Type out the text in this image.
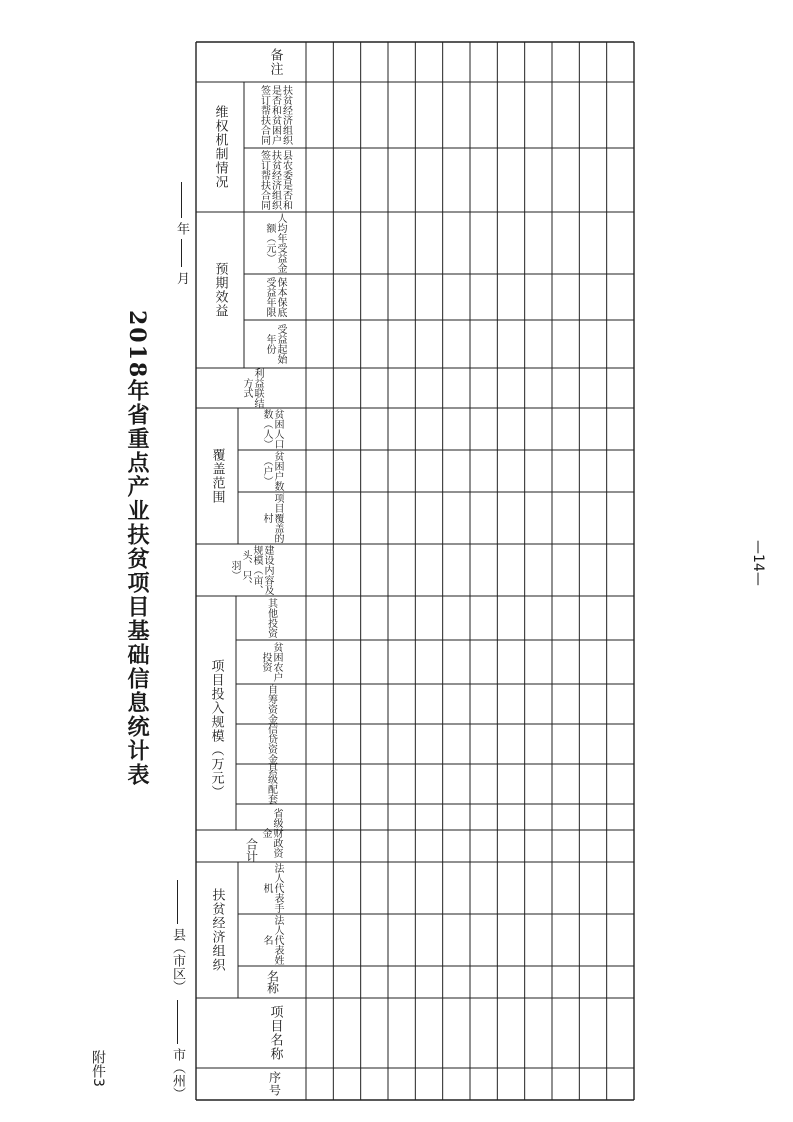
附件3
2018年省重点产业扶贫项目基础信息统计表
市（州）
县（市区）
年  月
备注
维权机制情况	扶贫经济组织是否和贫困户签订帮扶合同
县农委是否和扶贫经济组织签订帮扶合同
预期效益
人均年受益金额（元）
保本保底受益年限
受益起始年份
利益联结方式
覆盖范围
贫困人口数（人）
贫困户数（户）
项目覆盖的村
建设内容及规模（亩、头、只、羽）
项目投入规模（万元）
其他投资
贫困农户投资
自筹资金
信贷资金
县级配套
省级财政资金
合计
扶贫经济组织	法人代表手机
法人代表姓名
名称
项目名称
序号
—14—
